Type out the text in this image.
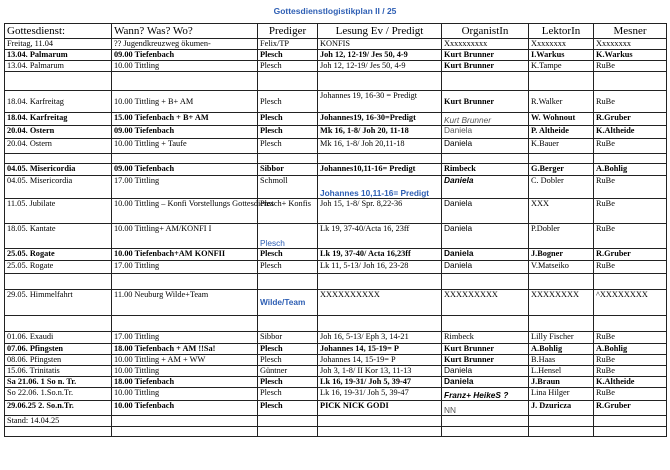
Gottesdienstlogistikplan II / 25
Gottesdienst:	Wann? Was? Wo?	Prediger	Lesung Ev / Predigt	OrganistIn	LektorIn	Mesner
Freitag, 11.04	?? Jugendkreuzweg ökumen-	Felix/TP	KONFIS	Xxxxxxxxxx	Xxxxxxxx	Xxxxxxxx
13.04. Palmarum	09.00 Tiefenbach	Plesch	Joh 12, 12-19/ Jes 50, 4-9	Kurt Brunner	I.Warkus	K.Warkus
13.04. Palmarum	10.00 Tittling	Plesch	Joh 12, 12-19/ Jes 50, 4-9	Kurt Brunner	K.Tampe	RuBe

18.04. Karfreitag	10.00 Tittling + B+ AM	Plesch	Johannes 19, 16-30 = Predigt	Kurt Brunner	R.Walker	RuBe
18.04. Karfreitag	15.00 Tiefenbach + B+ AM	Plesch	Johannes19, 16-30=Predigt	Kurt Brunner	W. Wohnout	R.Gruber
20.04. Ostern	09.00 Tiefenbach	Plesch	Mk 16, 1-8/ Joh 20, 11-18	Daniela	P. Altheide	K.Altheide
20.04. Ostern	10.00 Tittling + Taufe	Plesch	Mk 16, 1-8/ Joh 20,11-18	Daniela	K.Bauer	RuBe

04.05. Misericordia	09.00 Tiefenbach	Sibbor	Johannes10,11-16= Predigt	Rimbeck	G.Berger	A.Bohlig
04.05. Misericordia	17.00 Tittling	Schmoll	Johannes 10,11-16= Predigt	Daniela	C. Dobler	RuBe
11.05. Jubilate	10.00 Tittling – Konfi Vorstellungs Gottesdienst	Plesch+ Konfis	Joh 15, 1-8/ Spr. 8,22-36	Daniela	XXX	RuBe
18.05. Kantate	10.00 Tittling+ AM/KONFI I	Plesch	Lk 19, 37-40/Acta 16, 23ff	Daniela	P.Dobler	RuBe
25.05. Rogate	10.00 Tiefenbach+AM KONFII	Plesch	Lk 19, 37-40/ Acta 16,23ff	Daniela	J.Bogner	R.Gruber
25.05. Rogate	17.00 Tittling	Plesch	Lk 11, 5-13/ Joh 16, 23-28	Daniela	V.Matseiko	RuBe

29.05. Himmelfahrt	11.00 Neuburg Wilde+Team	Wilde/Team	XXXXXXXXXX	XXXXXXXXX	XXXXXXXX	^XXXXXXXX

01.06. Exaudi	17.00 Tittling	Sibbor	Joh 16, 5-13/ Eph 3, 14-21	Rimbeck	Lilly Fischer	RuBe
07.06. Pfingsten	18.00 Tiefenbach + AM !!Sa!	Plesch	Johannes 14, 15-19= P	Kurt Brunner	A.Bohlig	A.Bohlig
08.06. Pfingsten	10.00 Tittling + AM + WW	Plesch	Johannes 14, 15-19= P	Kurt Brunner	B.Haas	RuBe
15.06. Trinitatis	10.00 Tittling	Güntner	Joh 3, 1-8/ II Kor 13, 11-13	Daniela	L.Hensel	RuBe
Sa 21.06. 1 So n. Tr.	18.00 Tiefenbach	Plesch	Lk 16, 19-31/ Joh 5, 39-47	Daniela	J.Braun	K.Altheide
So 22.06. 1.So.n.Tr.	10.00 Tittling	Plesch	Lk 16, 19-31/ Joh 5, 39-47	Franz+ HeikeS ?	Lina Hilger	RuBe
29.06.25 2. So.n.Tr.	10.00 Tiefenbach	Plesch	PICK NICK GODI	NN	J. Dzuricza	R.Gruber
Stand: 14.04.25						
